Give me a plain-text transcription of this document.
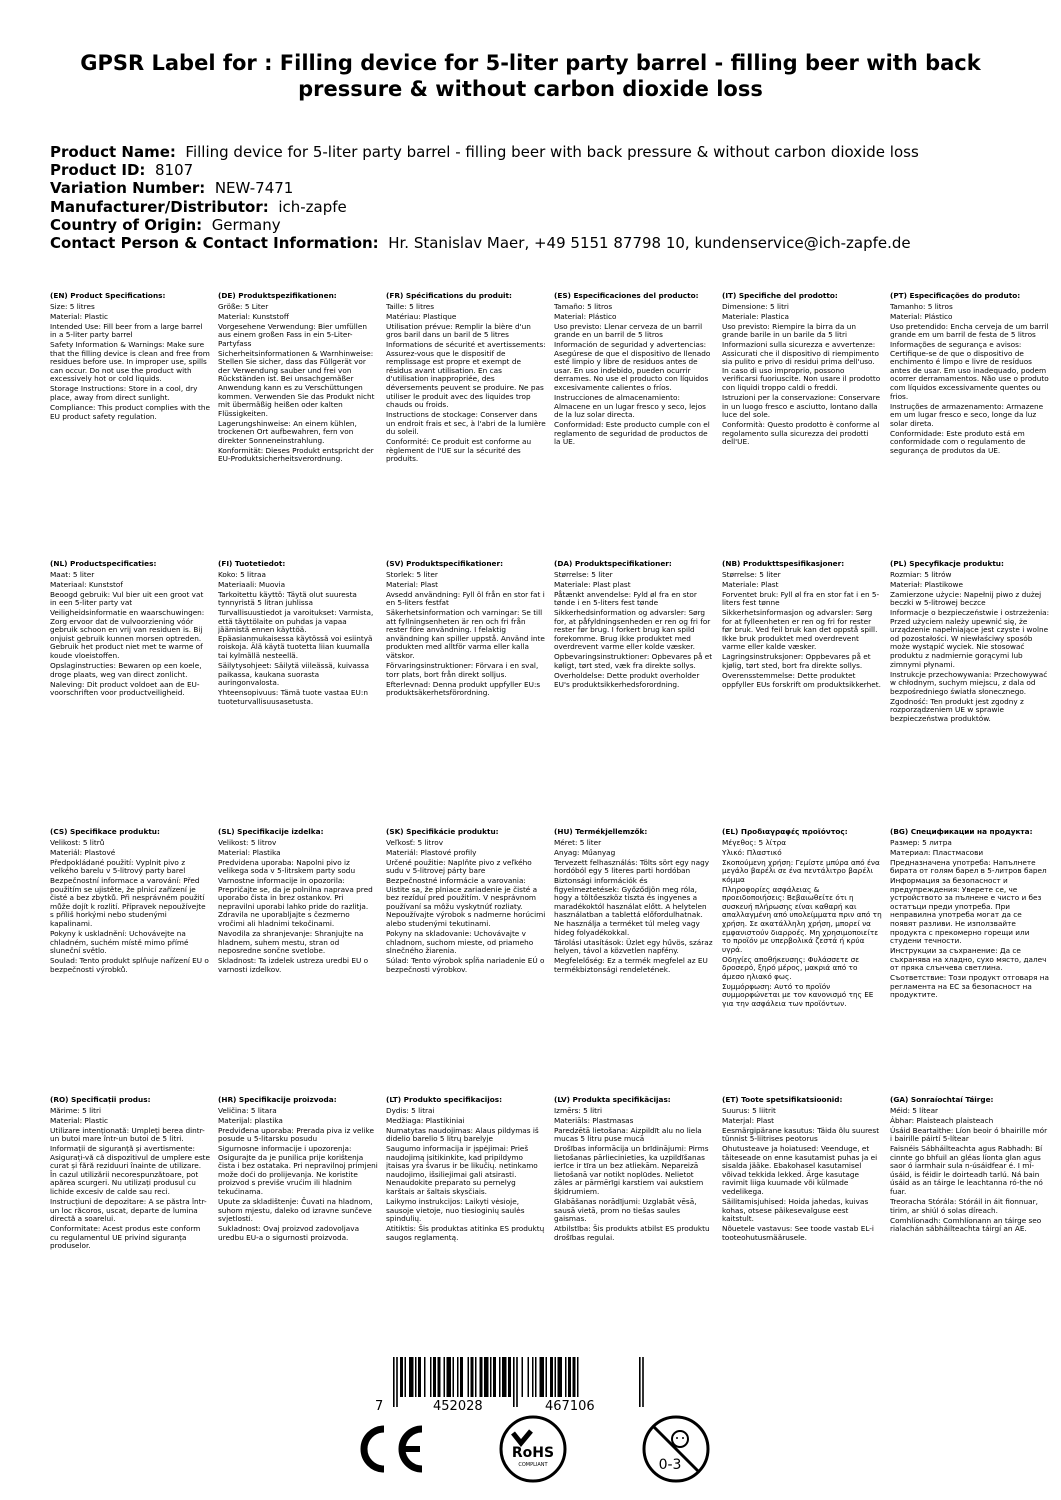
GPSR Label for : Filling device for 5-liter party barrel - filling beer with back pressure & without carbon dioxide loss
Product Name: Filling device for 5-liter party barrel - filling beer with back pressure & without carbon dioxide loss
Product ID: 8107
Variation Number: NEW-7471
Manufacturer/Distributor: ich-zapfe
Country of Origin: Germany
Contact Person & Contact Information: Hr. Stanislav Maer, +49 5151 87798 10, kundenservice@ich-zapfe.de
(EN) Product Specifications:
Size: 5 litres
Material: Plastic
Intended Use: Fill beer from a large barrel in a 5-liter party barrel
Safety Information & Warnings: Make sure that the filling device is clean and free from residues before use. In improper use, spills can occur. Do not use the product with excessively hot or cold liquids.
Storage Instructions: Store in a cool, dry place, away from direct sunlight.
Compliance: This product complies with the EU product safety regulation.
(DE) Produktspezifikationen:
Größe: 5 Liter
Material: Kunststoff
Vorgesehene Verwendung: Bier umfüllen aus einem großen Fass in ein 5-Liter-Partyfass
Sicherheitsinformationen & Warnhinweise: Stellen Sie sicher, dass das Füllgerät vor der Verwendung sauber und frei von Rückständen ist. Bei unsachgemäßer Anwendung kann es zu Verschüttungen kommen. Verwenden Sie das Produkt nicht mit übermäßig heißen oder kalten Flüssigkeiten.
Lagerungshinweise: An einem kühlen, trockenen Ort aufbewahren, fern von direkter Sonneneinstrahlung.
Konformität: Dieses Produkt entspricht der EU-Produktsicherheitsverordnung.
(FR) Spécifications du produit:
Taille: 5 litres
Matériau: Plastique
Utilisation prévue: Remplir la bière d'un gros baril dans un baril de 5 litres
Informations de sécurité et avertissements: Assurez-vous que le dispositif de remplissage est propre et exempt de résidus avant utilisation. En cas d'utilisation inappropriée, des déversements peuvent se produire. Ne pas utiliser le produit avec des liquides trop chauds ou froids.
Instructions de stockage: Conserver dans un endroit frais et sec, à l'abri de la lumière du soleil.
Conformité: Ce produit est conforme au règlement de l'UE sur la sécurité des produits.
(ES) Especificaciones del producto:
Tamaño: 5 litros
Material: Plástico
Uso previsto: Llenar cerveza de un barril grande en un barril de 5 litros
Información de seguridad y advertencias: Asegúrese de que el dispositivo de llenado esté limpio y libre de residuos antes de usar. En uso indebido, pueden ocurrir derrames. No use el producto con líquidos excesivamente calientes o fríos.
Instrucciones de almacenamiento: Almacene en un lugar fresco y seco, lejos de la luz solar directa.
Conformidad: Este producto cumple con el reglamento de seguridad de productos de la UE.
(IT) Specifiche del prodotto:
Dimensione: 5 litri
Materiale: Plastica
Uso previsto: Riempire la birra da un grande barile in un barile da 5 litri
Informazioni sulla sicurezza e avvertenze: Assicurati che il dispositivo di riempimento sia pulito e privo di residui prima dell'uso. In caso di uso improprio, possono verificarsi fuoriuscite. Non usare il prodotto con liquidi troppo caldi o freddi.
Istruzioni per la conservazione: Conservare in un luogo fresco e asciutto, lontano dalla luce del sole.
Conformità: Questo prodotto è conforme al regolamento sulla sicurezza dei prodotti dell'UE.
(PT) Especificações do produto:
Tamanho: 5 litros
Material: Plástico
Uso pretendido: Encha cerveja de um barril grande em um barril de festa de 5 litros
Informações de segurança e avisos: Certifique-se de que o dispositivo de enchimento é limpo e livre de resíduos antes de usar. Em uso inadequado, podem ocorrer derramamentos. Não use o produto com líquidos excessivamente quentes ou frios.
Instruções de armazenamento: Armazene em um lugar fresco e seco, longe da luz solar direta.
Conformidade: Este produto está em conformidade com o regulamento de segurança de produtos da UE.
(NL) Productspecificaties:
Maat: 5 liter
Materiaal: Kunststof
Beoogd gebruik: Vul bier uit een groot vat in een 5-liter party vat
Veiligheidsinformatie en waarschuwingen: Zorg ervoor dat de vulvoorziening vóór gebruik schoon en vrij van residuen is. Bij onjuist gebruik kunnen morsen optreden. Gebruik het product niet met te warme of koude vloeistoffen.
Opslaginstructies: Bewaren op een koele, droge plaats, weg van direct zonlicht.
Naleving: Dit product voldoet aan de EU-voorschriften voor productveiligheid.
(FI) Tuotetiedot:
Koko: 5 litraa
Materiaali: Muovia
Tarkoitettu käyttö: Täytä olut suuresta tynnyristä 5 litran juhlissa
Turvallisuustiedot ja varoitukset: Varmista, että täyttölaite on puhdas ja vapaa jäämistä ennen käyttöä. Epäasianmukaisessa käytössä voi esiintyä roiskoja. Älä käytä tuotetta liian kuumalla tai kylmällä nesteellä.
Säilytysohjeet: Säilytä viileässä, kuivassa paikassa, kaukana suorasta auringonvalosta.
Yhteensopivuus: Tämä tuote vastaa EU:n tuoteturvallisuusasetusta.
(SV) Produktspecifikationer:
Storlek: 5 liter
Material: Plast
Avsedd användning: Fyll öl från en stor fat i en 5-liters festfat
Säkerhetsinformation och varningar: Se till att fyllningsenheten är ren och fri från rester före användning. I felaktig användning kan spiller uppstå. Använd inte produkten med alltför varma eller kalla vätskor.
Förvaringsinstruktioner: Förvara i en sval, torr plats, bort från direkt solljus.
Efterlevnad: Denna produkt uppfyller EU:s produktsäkerhetsförordning.
(DA) Produktspecifikationer:
Størrelse: 5 liter
Materiale: Plast plast
Påtænkt anvendelse: Fyld øl fra en stor tønde i en 5-liters fest tønde
Sikkerhedsinformation og advarsler: Sørg for, at påfyldningsenheden er ren og fri for rester før brug. I forkert brug kan spild forekomme. Brug ikke produktet med overdrevent varme eller kolde væsker.
Opbevaringsinstruktioner: Opbevares på et køligt, tørt sted, væk fra direkte sollys.
Overholdelse: Dette produkt overholder EU's produktsikkerhedsforordning.
(NB) Produkttspesifikasjoner:
Størrelse: 5 liter
Materiale: Plast
Forventet bruk: Fyll øl fra en stor fat i en 5-liters fest tønne
Sikkerhetsinformasjon og advarsler: Sørg for at fylleenheten er ren og fri for rester før bruk. Ved feil bruk kan det oppstå spill. Ikke bruk produktet med overdrevent varme eller kalde væsker.
Lagringsinstruksjoner: Oppbevares på et kjølig, tørt sted, bort fra direkte sollys.
Overensstemmelse: Dette produktet oppfyller EUs forskrift om produktsikkerhet.
(PL) Specyfikacje produktu:
Rozmiar: 5 litrów
Materiał: Plastikowe
Zamierzone użycie: Napełnij piwo z dużej beczki w 5-litrowej beczce
Informacje o bezpieczeństwie i ostrzeżenia: Przed użyciem należy upewnić się, że urządzenie napełniające jest czyste i wolne od pozostałości. W niewłaściwy sposób może wystąpić wyciek. Nie stosować produktu z nadmiernie gorącymi lub zimnymi płynami.
Instrukcje przechowywania: Przechowywać w chłodnym, suchym miejscu, z dala od bezpośredniego światła słonecznego.
Zgodność: Ten produkt jest zgodny z rozporządzeniem UE w sprawie bezpieczeństwa produktów.
(CS) Specifikace produktu:
Velikost: 5 litrů
Materiál: Plastové
Předpokládané použití: Vyplnit pivo z velkého barelu v 5-litrový party barel
Bezpečnostní informace a varování: Před použitím se ujistěte, že plnicí zařízení je čisté a bez zbytků. Při nesprávném použití může dojít k rozlití. Přípravek nepoužívejte s příliš horkými nebo studenými kapalinami.
Pokyny k uskladnění: Uchovávejte na chladném, suchém místě mimo přímé sluneční světlo.
Soulad: Tento produkt splňuje nařízení EU o bezpečnosti výrobků.
(SL) Specifikacije izdelka:
Velikost: 5 litrov
Material: Plastika
Predvidena uporaba: Napolni pivo iz velikega soda v 5-litrskem party sodu
Varnostne informacije in opozorila: Prepričajte se, da je polnilna naprava pred uporabo čista in brez ostankov. Pri nepravilni uporabi lahko pride do razlitja. Zdravila ne uporabljajte s čezmerno vročimi ali hladnimi tekočinami.
Navodila za shranjevanje: Shranjujte na hladnem, suhem mestu, stran od neposredne sončne svetlobe.
Skladnost: Ta izdelek ustreza uredbi EU o varnosti izdelkov.
(SK) Špecifikácie produktu:
Veľkosť: 5 litrov
Materiál: Plastové profily
Určené použitie: Naplňte pivo z veľkého sudu v 5-litrovej párty bare
Bezpečnostné informácie a varovania: Uistite sa, že plniace zariadenie je čisté a bez rezíduí pred použitím. V nesprávnom používaní sa môžu vyskytnúť rozliaty. Nepoužívajte výrobok s nadmerne horúcimi alebo studenými tekutinami.
Pokyny na skladovanie: Uchovávajte v chladnom, suchom mieste, od priameho slnečného žiarenia.
Súlad: Tento výrobok spĺňa nariadenie EÚ o bezpečnosti výrobkov.
(HU) Termékjellemzők:
Méret: 5 liter
Anyag: Műanyag
Tervezett felhasználás: Tölts sört egy nagy hordóból egy 5 literes parti hordóban
Biztonsági információk és figyelmeztetések: Győződjön meg róla, hogy a töltőeszköz tiszta és ingyenes a maradékoktól használat előtt. A helytelen használatban a tablettá előfordulhatnak. Ne használja a terméket túl meleg vagy hideg folyadékokkal.
Tárolási utasítások: Üzlet egy hűvös, száraz helyen, távol a közvetlen napfény.
Megfelelőség: Ez a termék megfelel az EU termékbiztonsági rendeletének.
(EL) Προδιαγραφές προϊόντος:
Μέγεθος: 5 λίτρα
Υλικό: Πλαστικό
Σκοπούμενη χρήση: Γεμίστε μπύρα από ένα μεγάλο βαρέλι σε ένα πεντάλιτρο βαρέλι κόμμα
Πληροφορίες ασφάλειας & προειδοποιήσεις: Βεβαιωθείτε ότι η συσκευή πλήρωσης είναι καθαρή και απαλλαγμένη από υπολείμματα πριν από τη χρήση. Σε ακατάλληλη χρήση, μπορεί να εμφανιστούν διαρροές. Μη χρησιμοποιείτε το προϊόν με υπερβολικά ζεστά ή κρύα υγρά.
Οδηγίες αποθήκευσης: Φυλάσσετε σε δροσερό, ξηρό μέρος, μακριά από το άμεσο ηλιακό φως.
Συμμόρφωση: Αυτό το προϊόν συμμορφώνεται με τον κανονισμό της ΕΕ για την ασφάλεια των προϊόντων.
(BG) Спецификации на продукта:
Размер: 5 литра
Материал: Пластмасови
Предназначена употреба: Напълнете бирата от голям барел в 5-литров барел
Информация за безопасност и предупреждения: Уверете се, че устройството за пълнене е чисто и без остатъци преди употреба. При неправилна употреба могат да се появят разливи. Не използвайте продукта с прекомерно горещи или студени течности.
Инструкции за съхранение: Да се съхранява на хладно, сухо място, далеч от пряка слънчева светлина.
Съответствие: Този продукт отговаря на регламента на ЕС за безопасност на продуктите.
(RO) Specificații produs:
Mărime: 5 litri
Material: Plastic
Utilizare intenționată: Umpleți berea dintr-un butoi mare într-un butoi de 5 litri.
Informații de siguranță și avertismente: Asigurați-vă că dispozitivul de umplere este curat și fără reziduuri înainte de utilizare. În cazul utilizării necorespunzătoare, pot apărea scurgeri. Nu utilizați produsul cu lichide excesiv de calde sau reci.
Instrucțiuni de depozitare: A se păstra într- un loc răcoros, uscat, departe de lumina directă a soarelui.
Conformitate: Acest produs este conform cu regulamentul UE privind siguranța produselor.
(HR) Specifikacije proizvoda:
Veličina: 5 litara
Materijal: plastika
Predviđena uporaba: Prerada piva iz velike posude u 5-litarsku posudu
Sigurnosne informacije i upozorenja: Osigurajte da je punilica prije korištenja čista i bez ostataka. Pri nepravilnoj primjeni može doći do prolijevanja. Ne koristite proizvod s previše vrućim ili hladnim tekućinama.
Upute za skladištenje: Čuvati na hladnom, suhom mjestu, daleko od izravne sunčeve svjetlosti.
Sukladnost: Ovaj proizvod zadovoljava uredbu EU-a o sigurnosti proizvoda.
(LT) Produkto specifikacijos:
Dydis: 5 litrai
Medžiaga: Plastikiniai
Numatytas naudojimas: Alaus pildymas iš didelio barelio 5 litrų barelyje
Saugumo informacija ir įspėjimai: Prieš naudojimą įsitikinkite, kad pripildymo įtaisas yra švarus ir be likučių. netinkamo naudojimo, išsiliejimai gali atsirasti. Nenaudokite preparato su pernelyg karštais ar šaltais skysčiais.
Laikymo instrukcijos: Laikyti vėsioje, sausoje vietoje, nuo tiesioginių saulės spindulių.
Atitiktis: Šis produktas atitinka ES produktų saugos reglamentą.
(LV) Produkta specifikācijas:
Izmērs: 5 litri
Materiāls: Plastmasas
Paredzētā lietošana: Aizpildīt alu no liela mucas 5 litru puse mucā
Drošības informācija un brīdinājumi: Pirms lietošanas pārliecinieties, ka uzpildīšanas ierīce ir tīra un bez atliekām. Nepareizā lietošanā var notikt noplūdes. Nelietot zāles ar pārmērīgi karstiem vai aukstiem šķidrumiem.
Glabāšanas norādījumi: Uzglabāt vēsā, sausā vietā, prom no tiešas saules gaismas.
Atbilstība: Šis produkts atbilst ES produktu drošības regulai.
(ET) Toote spetsifikatsioonid:
Suurus: 5 liitrit
Materjal: Plast
Eesmärgipärane kasutus: Täida õlu suurest tünnist 5-liitrises peotorus
Ohutusteave ja hoiatused: Veenduge, et täiteseade on enne kasutamist puhas ja ei sisalda jääke. Ebakohasel kasutamisel võivad tekkida lekked. Ärge kasutage ravimit liiga kuumade või külmade vedelikega.
Säilitamisjuhised: Hoida jahedas, kuivas kohas, otsese päikesevalguse eest kaitstult.
Nõuetele vastavus: See toode vastab EL-i tooteohutusmäärusele.
(GA) Sonraíochtaí Táirge:
Méid: 5 lítear
Ábhar: Plaisteach plaisteach
Úsáid Beartaithe: Líon beoir ó bhairille mór i bairille páirtí 5-lítear
Faisnéis Sábháilteachta agus Rabhadh: Bí cinnte go bhfuil an gléas líonta glan agus saor ó iarmhair sula n-úsáidfear é. I mí-úsáid, is féidir le doirteadh tarlú. Ná bain úsáid as an táirge le leachtanna ró-the nó fuar.
Treoracha Stórála: Stóráil in áit fionnuar, tirim, ar shiúl ó solas díreach.
Comhlíonadh: Comhlíonann an táirge seo rialachán sábháilteachta táirgí an AE.
7	452028	467106
RoHS
COMPLIANT	0-3
